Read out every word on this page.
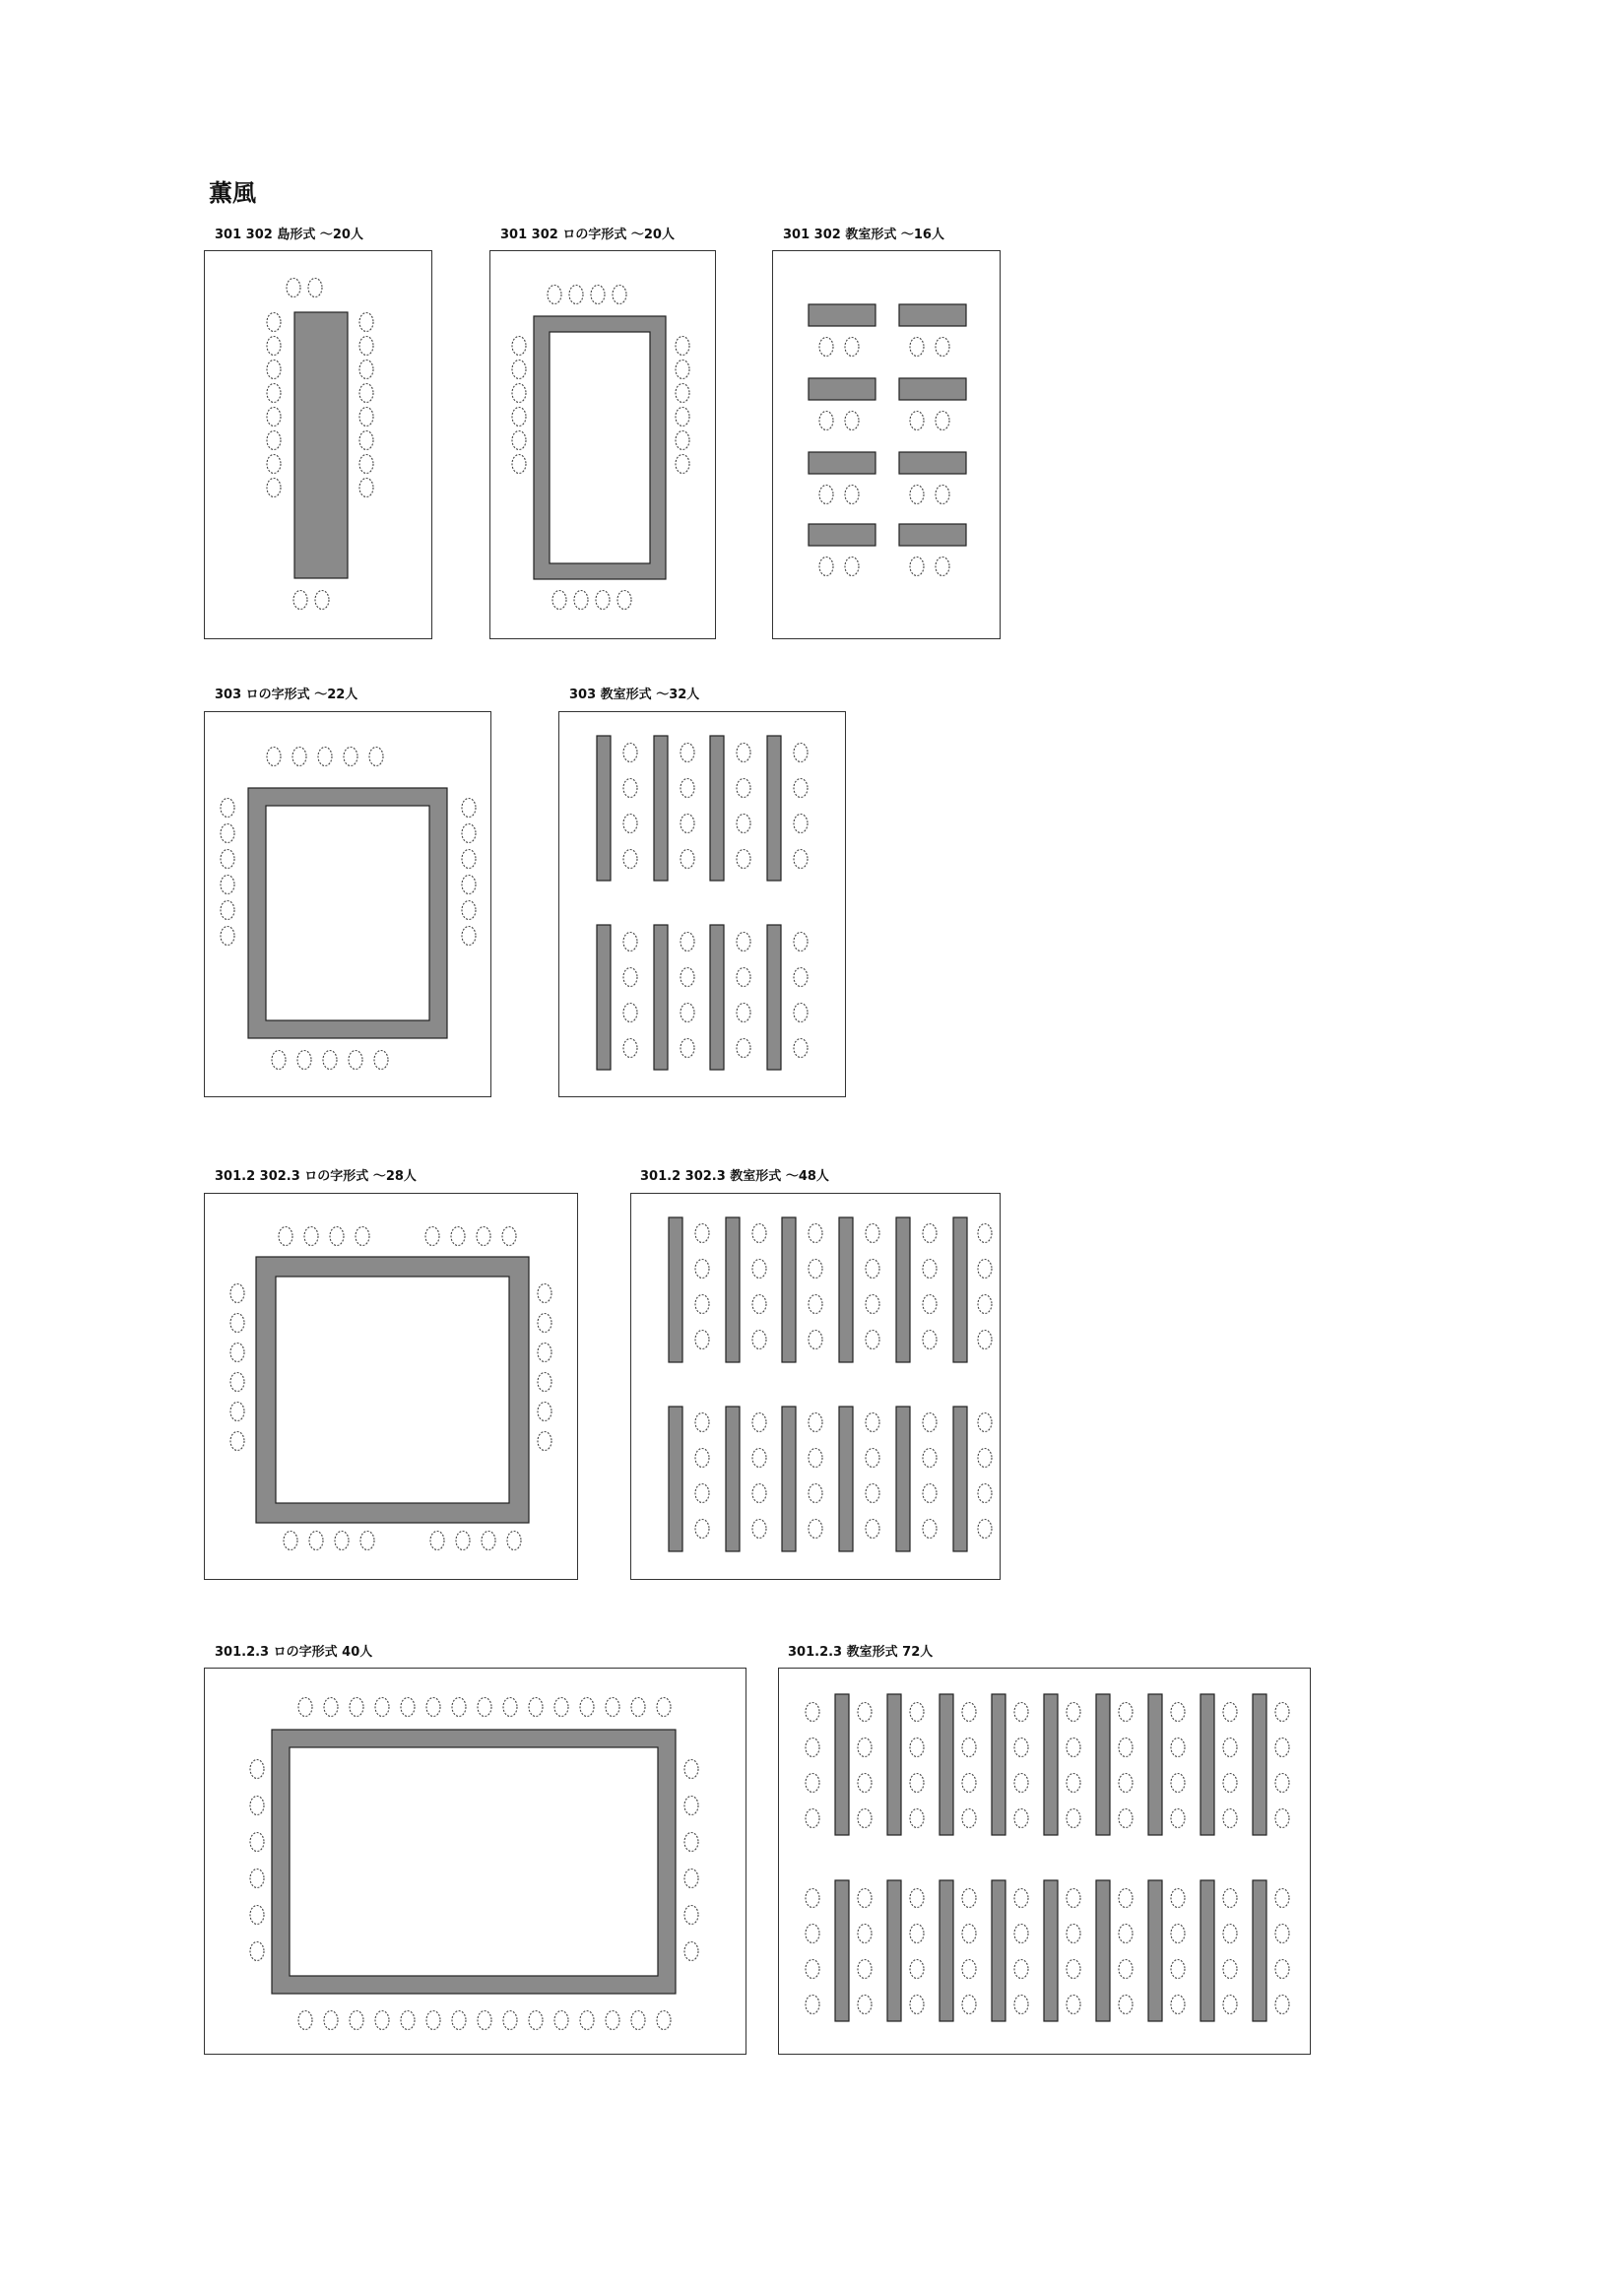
薫風
301 302 島形式 ～20人	301 302 ロの字形式 ～20人	301 302 教室形式 ～16人
303 ロの字形式 ～22人	303 教室形式 ～32人
301.2 302.3 ロの字形式 ～28人	301.2 302.3 教室形式 ～48人
301.2.3 ロの字形式 40人	301.2.3 教室形式 72人
